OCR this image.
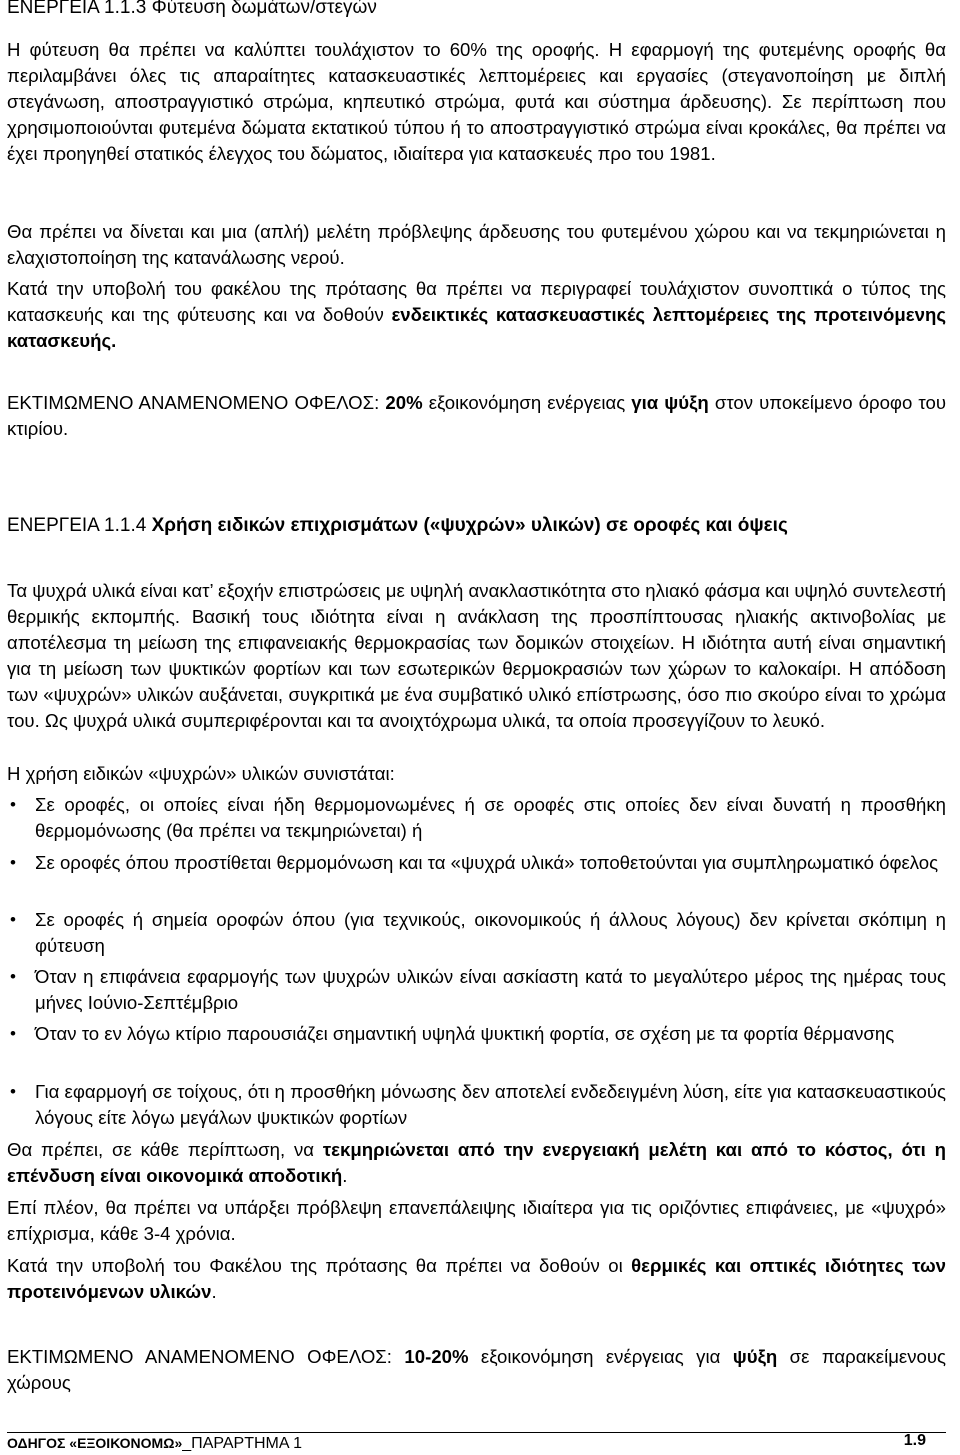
ΕΝΕΡΓΕΙΑ 1.1.3 Φύτευση δωμάτων/στεγών

Η φύτευση θα πρέπει να καλύπτει τουλάχιστον το 60% της οροφής. Η εφαρμογή της φυτεμένης οροφής θα περιλαμβάνει όλες τις απαραίτητες κατασκευαστικές λεπτομέρειες και εργασίες (στεγανοποίηση με διπλή στεγάνωση, αποστραγγιστικό στρώμα, κηπευτικό στρώμα, φυτά και σύστημα άρδευσης). Σε περίπτωση που χρησιμοποιούνται φυτεμένα δώματα εκτατικού τύπου ή το αποστραγγιστικό στρώμα είναι κροκάλες, θα πρέπει να έχει προηγηθεί στατικός έλεγχος του δώματος, ιδιαίτερα για κατασκευές προ του 1981.

Θα πρέπει να δίνεται και μια (απλή) μελέτη πρόβλεψης άρδευσης του φυτεμένου χώρου και να τεκμηριώνεται η ελαχιστοποίηση της κατανάλωσης νερού.

Κατά την υποβολή του φακέλου της πρότασης θα πρέπει να περιγραφεί τουλάχιστον συνοπτικά ο τύπος της κατασκευής και της φύτευσης και να δοθούν ενδεικτικές κατασκευαστικές λεπτομέρειες της προτεινόμενης κατασκευής.

ΕΚΤΙΜΩΜΕΝΟ ΑΝΑΜΕΝΟΜΕΝΟ ΟΦΕΛΟΣ: 20% εξοικονόμηση ενέργειας για ψύξη στον υποκείμενο όροφο του κτιρίου.

ΕΝΕΡΓΕΙΑ 1.1.4 Χρήση ειδικών επιχρισμάτων («ψυχρών» υλικών) σε οροφές και όψεις

Τα ψυχρά υλικά είναι κατ’ εξοχήν επιστρώσεις με υψηλή ανακλαστικότητα στο ηλιακό φάσμα και υψηλό συντελεστή θερμικής εκπομπής. Βασική τους ιδιότητα είναι η ανάκλαση της προσπίπτουσας ηλιακής ακτινοβολίας με αποτέλεσμα τη μείωση της επιφανειακής θερμοκρασίας των δομικών στοιχείων. Η ιδιότητα αυτή είναι σημαντική για τη μείωση των ψυκτικών φορτίων και των εσωτερικών θερμοκρασιών των χώρων το καλοκαίρι. Η απόδοση των «ψυχρών» υλικών αυξάνεται, συγκριτικά με ένα συμβατικό υλικό επίστρωσης, όσο πιο σκούρο είναι το χρώμα του. Ως ψυχρά υλικά συμπεριφέρονται και τα ανοιχτόχρωμα υλικά, τα οποία προσεγγίζουν το λευκό.

Η χρήση ειδικών «ψυχρών» υλικών συνιστάται:

• Σε οροφές, οι οποίες είναι ήδη θερμομονωμένες ή σε οροφές στις οποίες δεν είναι δυνατή η προσθήκη θερμομόνωσης (θα πρέπει να τεκμηριώνεται) ή
• Σε οροφές όπου προστίθεται θερμομόνωση και τα «ψυχρά υλικά» τοποθετούνται για συμπληρωματικό όφελος
• Σε οροφές ή σημεία οροφών όπου (για τεχνικούς, οικονομικούς ή άλλους λόγους) δεν κρίνεται σκόπιμη η φύτευση
• Όταν η επιφάνεια εφαρμογής των ψυχρών υλικών είναι ασκίαστη κατά το μεγαλύτερο μέρος της ημέρας τους μήνες Ιούνιο-Σεπτέμβριο
• Όταν το εν λόγω κτίριο παρουσιάζει σημαντική υψηλά ψυκτική φορτία, σε σχέση με τα φορτία θέρμανσης
• Για εφαρμογή σε τοίχους, ότι η προσθήκη μόνωσης δεν αποτελεί ενδεδειγμένη λύση, είτε για κατασκευαστικούς λόγους είτε λόγω μεγάλων ψυκτικών φορτίων

Θα πρέπει, σε κάθε περίπτωση, να τεκμηριώνεται από την ενεργειακή μελέτη και από το κόστος, ότι η επένδυση είναι οικονομικά αποδοτική.

Επί πλέον, θα πρέπει να υπάρξει πρόβλεψη επανεπάλειψης ιδιαίτερα για τις οριζόντιες επιφάνειες, με «ψυχρό» επίχρισμα, κάθε 3-4 χρόνια.

Κατά την υποβολή του Φακέλου της πρότασης θα πρέπει να δοθούν οι θερμικές και οπτικές ιδιότητες των προτεινόμενων υλικών.

ΕΚΤΙΜΩΜΕΝΟ ΑΝΑΜΕΝΟΜΕΝΟ ΟΦΕΛΟΣ: 10-20% εξοικονόμηση ενέργειας για ψύξη σε παρακείμενους χώρους

ΟΔΗΓΟΣ «ΕΞΟΙΚΟΝΟΜΩ»_ΠΑΡΑΡΤΗΜΑ 1	1.9
